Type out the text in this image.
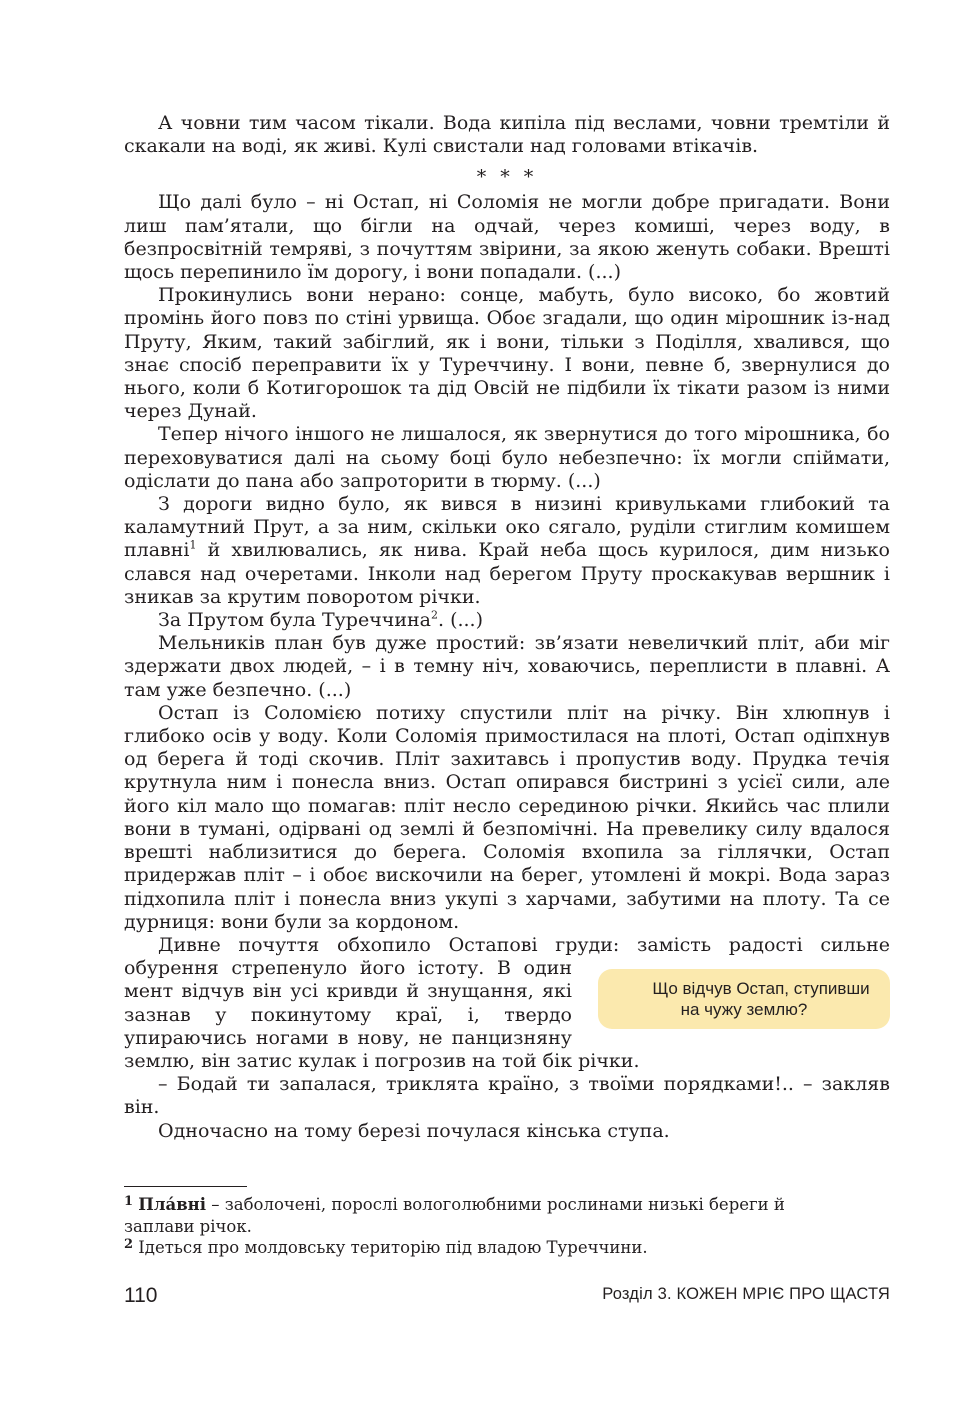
А човни тим часом тікали. Вода кипіла під веслами, човни тремтіли й скакали на воді, як живі. Кулі свистали над головами втікачів.

* * *

Що далі було – ні Остап, ні Соломія не могли добре пригадати. Вони лиш пам’ятали, що бігли на одчай, через комиші, через воду, в безпросвітній темряві, з почуттям звірини, за якою женуть собаки. Врешті щось перепинило їм дорогу, і вони попадали. (...)

Прокинулись вони нерано: сонце, мабуть, було високо, бо жовтий промінь його повз по стіні урвища. Обоє згадали, що один мірошник із-над Пруту, Яким, такий забіглий, як і вони, тільки з Поділля, хвалився, що знає спосіб переправити їх у Туреччину. І вони, певне б, звернулися до нього, коли б Котигорошок та дід Овсій не підбили їх тікати разом із ними через Дунай.

Тепер нічого іншого не лишалося, як звернутися до того мірошника, бо переховуватися далі на сьому боці було небезпечно: їх могли спіймати, одіслати до пана або запроторити в тюрму. (...)

З дороги видно було, як вився в низині кривульками глибокий та каламутний Прут, а за ним, скільки око сягало, руділи стиглим комишем плавні$^1$ й хвилювались, як нива. Край неба щось курилося, дим низько слався над очеретами. Інколи над берегом Пруту проскакував вершник і зникав за крутим поворотом річки.

За Прутом була Туреччина$^2$. (...)

Мельників план був дуже простий: зв’язати невеличкий пліт, аби міг здержати двох людей, – і в темну ніч, ховаючись, переплисти в плавні. А там уже безпечно. (...)

Остап із Соломією потиху спустили пліт на річку. Він хлюпнув і глибоко осів у воду. Коли Соломія примостилася на плоті, Остап одіпхнув од берега й тоді скочив. Пліт захитавсь і пропустив воду. Прудка течія крутнула ним і понесла вниз. Остап опирався бистрині з усієї сили, але його кіл мало що помагав: пліт несло серединою річки. Якийсь час плили вони в тумані, одірвані од землі й безпомічні. На превелику силу вдалося врешті наблизитися до берега. Соломія вхопила за гіллячки, Остап придержав пліт – і обоє вискочили на берег, утомлені й мокрі. Вода зараз підхопила пліт і понесла вниз укупі з харчами, забутими на плоту. Та се дурниця: вони були за кордоном.

Дивне почуття обхопило Остапові груди: замість радості сильне
Що відчув Остап, ступивши на чужу землю?
обурення стрепенуло його істоту. В один мент відчув він усі кривди й знущання, які зазнав у покинутому краї, і, твердо упираючись ногами в нову, не панцизняну землю, він затис кулак і погрозив на той бік річки.

– Бодай ти запалася, триклята країно, з твоїми порядками!.. – закляв він.

Одночасно на тому березі почулася кінська ступа.

$^1$ Пла́вні – заболочені, порослі вологолюбними рослинами низькі береги й заплави річок.

$^2$ Ідеться про молдовську територію під владою Туреччини.

110	Розділ 3. КОЖЕН МРІЄ ПРО ЩАСТЯ
